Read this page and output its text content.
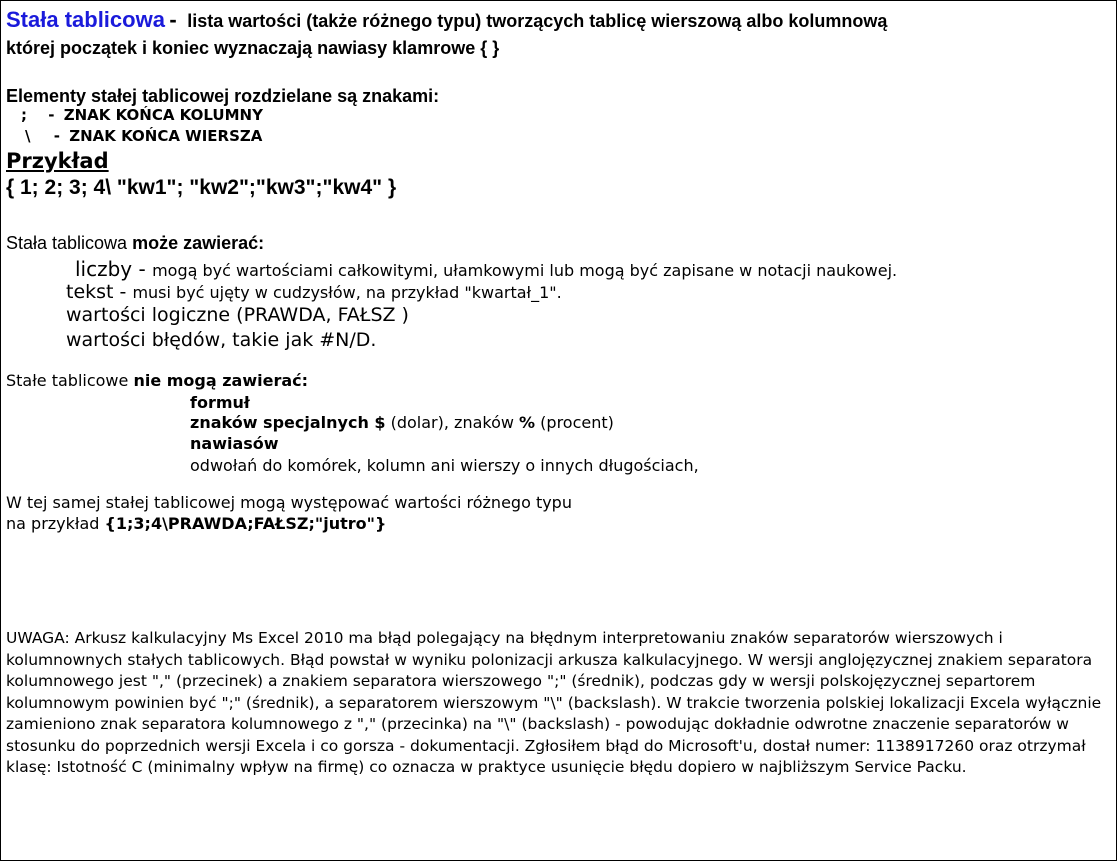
Stała tablicowa - lista wartości (także różnego typu) tworzących tablicę wierszową albo kolumnową
której początek i koniec wyznaczają nawiasy klamrowe { }
Elementy stałej tablicowej rozdzielane są znakami:
; - ZNAK KOŃCA KOLUMNY
\ - ZNAK KOŃCA WIERSZA
Przykład
{ 1; 2; 3; 4\ "kw1"; "kw2";"kw3";"kw4" }
Stała tablicowa może zawierać:
liczby - mogą być wartościami całkowitymi, ułamkowymi lub mogą być zapisane w notacji naukowej.
tekst - musi być ujęty w cudzysłów, na przykład "kwartał_1".
wartości logiczne (PRAWDA, FAŁSZ )
wartości błędów, takie jak #N/D.
Stałe tablicowe nie mogą zawierać:
formuł
znaków specjalnych $ (dolar), znaków % (procent)
nawiasów
odwołań do komórek, kolumn ani wierszy o innych długościach,
W tej samej stałej tablicowej mogą występować wartości różnego typu
na przykład {1;3;4\PRAWDA;FAŁSZ;"jutro"}
UWAGA: Arkusz kalkulacyjny Ms Excel 2010 ma błąd polegający na błędnym interpretowaniu znaków separatorów wierszowych i kolumnownych stałych tablicowych. Błąd powstał w wyniku polonizacji arkusza kalkulacyjnego. W wersji anglojęzycznej znakiem separatora kolumnowego jest "," (przecinek) a znakiem separatora wierszowego ";" (średnik), podczas gdy w wersji polskojęzycznej separtorem kolumnowym powinien być ";" (średnik), a separatorem wierszowym "\" (backslash). W trakcie tworzenia polskiej lokalizacji Excela wyłącznie zamieniono znak separatora kolumnowego z "," (przecinka) na "\" (backslash) - powodując dokładnie odwrotne znaczenie separatorów w stosunku do poprzednich wersji Excela i co gorsza - dokumentacji. Zgłosiłem błąd do Microsoft'u, dostał numer: 1138917260 oraz otrzymał klasę: Istotność C (minimalny wpływ na firmę) co oznacza w praktyce usunięcie błędu dopiero w najbliższym Service Packu.
